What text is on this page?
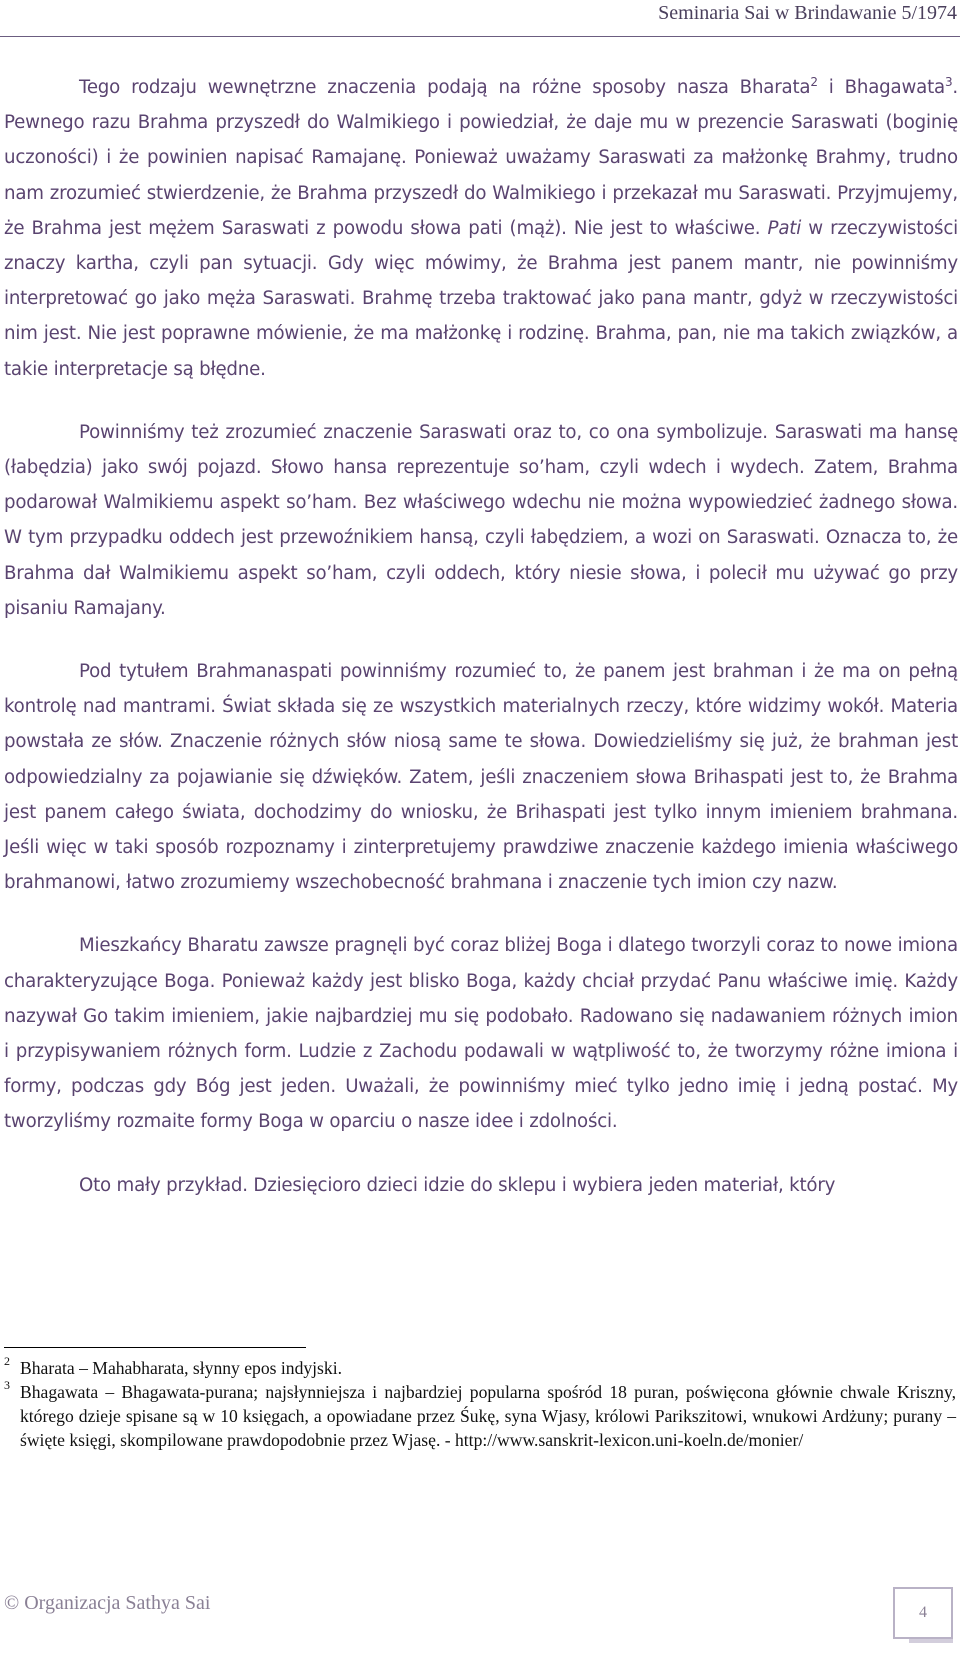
Seminaria Sai w Brindawanie 5/1974

Tego rodzaju wewnętrzne znaczenia podają na różne sposoby nasza Bharata$^2$ i Bhagawata$^3$. Pewnego razu Brahma przyszedł do Walmikiego i powiedział, że daje mu w prezencie Saraswati (boginię uczoności) i że powinien napisać Ramajanę. Ponieważ uważamy Saraswati za małżonkę Brahmy, trudno nam zrozumieć stwierdzenie, że Brahma przyszedł do Walmikiego i przekazał mu Saraswati. Przyjmujemy, że Brahma jest mężem Saraswati z powodu słowa pati (mąż). Nie jest to właściwe. Pati w rzeczywistości znaczy kartha, czyli pan sytuacji. Gdy więc mówimy, że Brahma jest panem mantr, nie powinniśmy interpretować go jako męża Saraswati. Brahmę trzeba traktować jako pana mantr, gdyż w rzeczywistości nim jest. Nie jest poprawne mówienie, że ma małżonkę i rodzinę. Brahma, pan, nie ma takich związków, a takie interpretacje są błędne.

Powinniśmy też zrozumieć znaczenie Saraswati oraz to, co ona symbolizuje. Saraswati ma hansę (łabędzia) jako swój pojazd. Słowo hansa reprezentuje so’ham, czyli wdech i wydech. Zatem, Brahma podarował Walmikiemu aspekt so’ham. Bez właściwego wdechu nie można wypowiedzieć żadnego słowa. W tym przypadku oddech jest przewoźnikiem hansą, czyli łabędziem, a wozi on Saraswati. Oznacza to, że Brahma dał Walmikiemu aspekt so’ham, czyli oddech, który niesie słowa, i polecił mu używać go przy pisaniu Ramajany.

Pod tytułem Brahmanaspati powinniśmy rozumieć to, że panem jest brahman i że ma on pełną kontrolę nad mantrami. Świat składa się ze wszystkich materialnych rzeczy, które widzimy wokół. Materia powstała ze słów. Znaczenie różnych słów niosą same te słowa. Dowiedzieliśmy się już, że brahman jest odpowiedzialny za pojawianie się dźwięków. Zatem, jeśli znaczeniem słowa Brihaspati jest to, że Brahma jest panem całego świata, dochodzimy do wniosku, że Brihaspati jest tylko innym imieniem brahmana. Jeśli więc w taki sposób rozpoznamy i zinterpretujemy prawdziwe znaczenie każdego imienia właściwego brahmanowi, łatwo zrozumiemy wszechobecność brahmana i znaczenie tych imion czy nazw.

Mieszkańcy Bharatu zawsze pragnęli być coraz bliżej Boga i dlatego tworzyli coraz to nowe imiona charakteryzujące Boga. Ponieważ każdy jest blisko Boga, każdy chciał przydać Panu właściwe imię. Każdy nazywał Go takim imieniem, jakie najbardziej mu się podobało. Radowano się nadawaniem różnych imion i przypisywaniem różnych form. Ludzie z Zachodu podawali w wątpliwość to, że tworzymy różne imiona i formy, podczas gdy Bóg jest jeden. Uważali, że powinniśmy mieć tylko jedno imię i jedną postać. My tworzyliśmy rozmaite formy Boga w oparciu o nasze idee i zdolności.

Oto mały przykład. Dziesięcioro dzieci idzie do sklepu i wybiera jeden materiał, który

2 Bharata – Mahabharata, słynny epos indyjski.

3 Bhagawata – Bhagawata-purana; najsłynniejsza i najbardziej popularna spośród 18 puran, poświęcona głównie chwale Kriszny, którego dzieje spisane są w 10 księgach, a opowiadane przez Śukę, syna Wjasy, królowi Parikszitowi, wnukowi Ardżuny; purany – święte księgi, skompilowane prawdopodobnie przez Wjasę. - http://www.sanskrit-lexicon.uni-koeln.de/monier/

© Organizacja Sathya Sai	4
